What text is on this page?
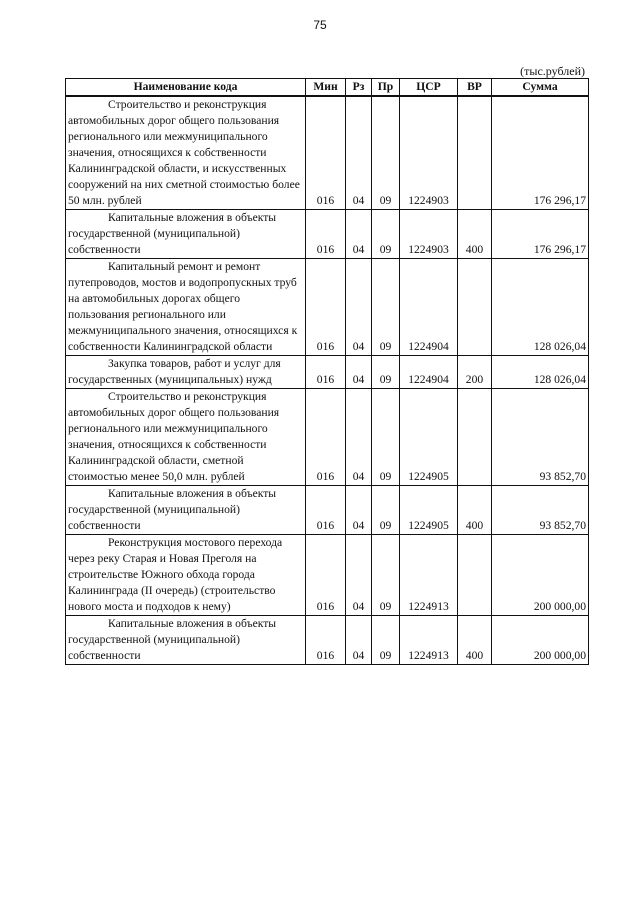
75
(тыс.рублей)
Наименование кода	Мин	Рз	Пр	ЦСР	ВР	Сумма
Строительство и реконструкция автомобильных дорог общего пользования регионального или межмуниципального значения, относящихся к собственности Калининградской области, и искусственных сооружений на них сметной стоимостью более 50 млн. рублей	016	04	09	1224903		176 296,17
Капитальные вложения в объекты государственной (муниципальной) собственности	016	04	09	1224903	400	176 296,17
Капитальный ремонт и ремонт путепроводов, мостов и водопропускных труб на автомобильных дорогах общего пользования регионального или межмуниципального значения, относящихся к собственности Калининградской области	016	04	09	1224904		128 026,04
Закупка товаров, работ и услуг для государственных (муниципальных) нужд	016	04	09	1224904	200	128 026,04
Строительство и реконструкция автомобильных дорог общего пользования регионального или межмуниципального значения, относящихся к собственности Калининградской области, сметной стоимостью менее 50,0 млн. рублей	016	04	09	1224905		93 852,70
Капитальные вложения в объекты государственной (муниципальной) собственности	016	04	09	1224905	400	93 852,70
Реконструкция мостового перехода через реку Старая и Новая Преголя на строительстве Южного обхода города Калининграда (II очередь) (строительство нового моста и подходов к нему)	016	04	09	1224913		200 000,00
Капитальные вложения в объекты государственной (муниципальной) собственности	016	04	09	1224913	400	200 000,00
